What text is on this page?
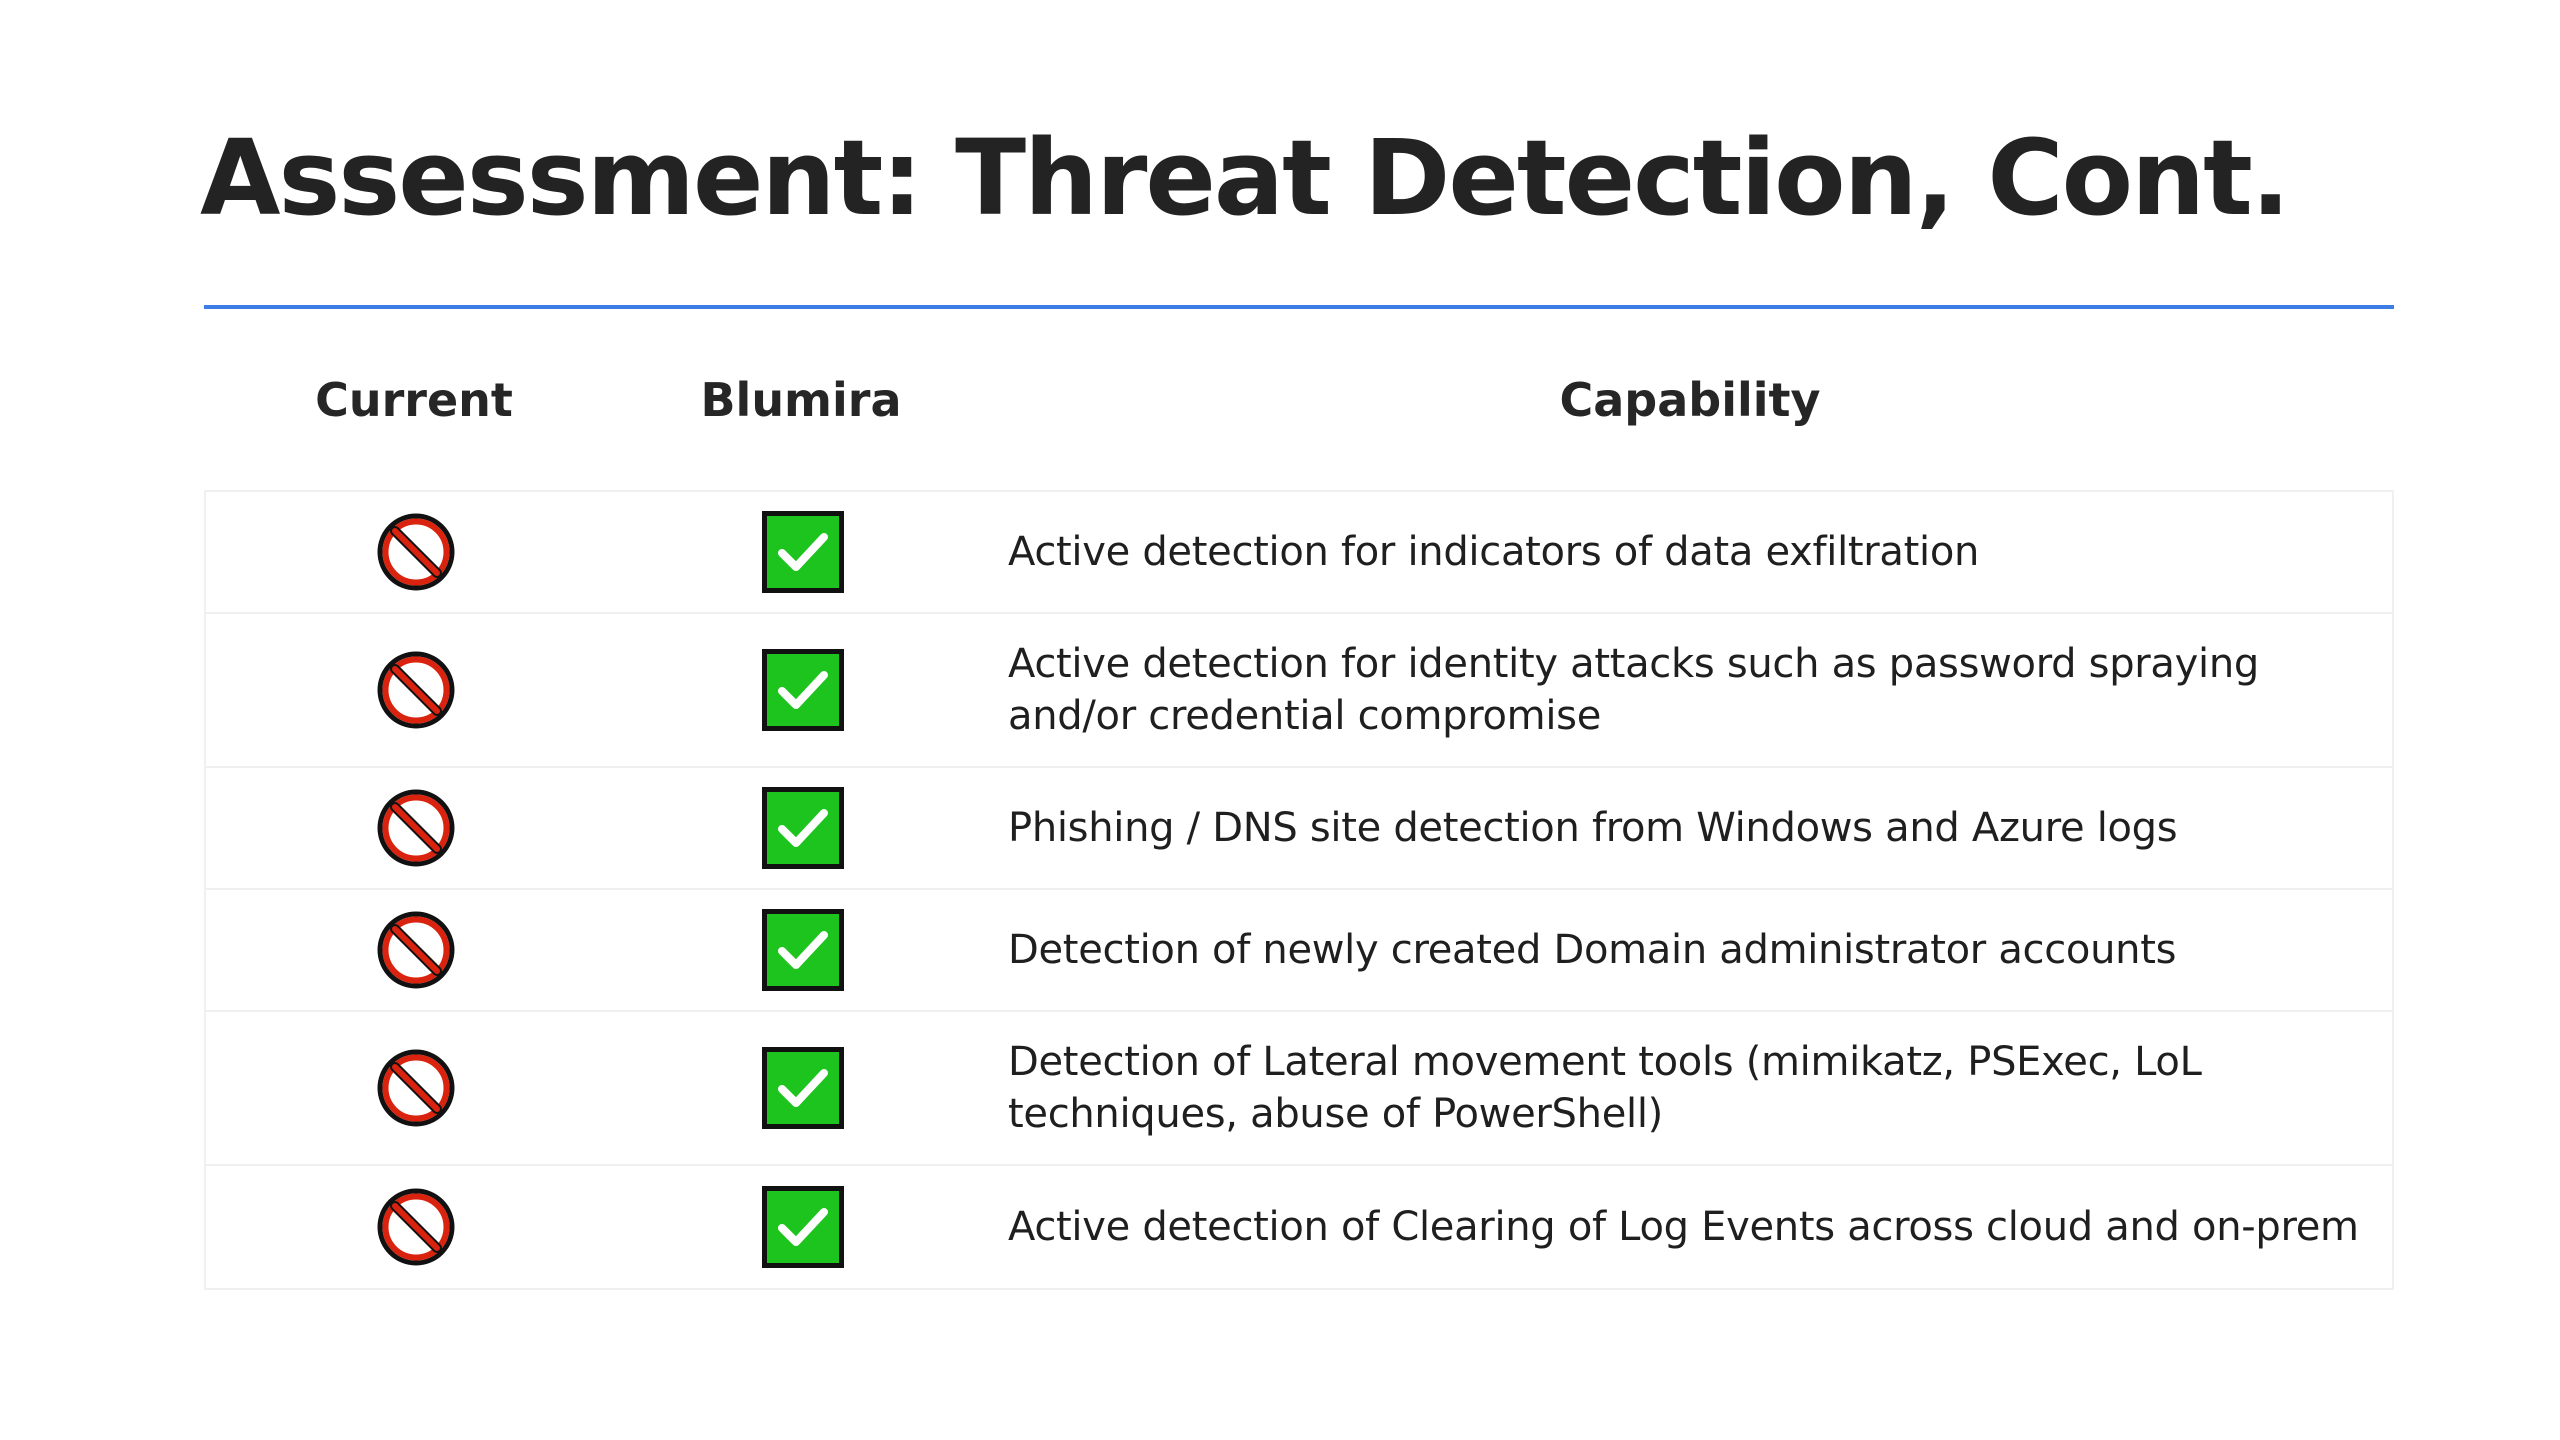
Assessment: Threat Detection, Cont.
Current	Blumira	Capability
Active detection for indicators of data exfiltration
Active detection for identity attacks such as password spraying
and/or credential compromise
Phishing / DNS site detection from Windows and Azure logs
Detection of newly created Domain administrator accounts
Detection of Lateral movement tools (mimikatz, PSExec, LoL
techniques, abuse of PowerShell)
Active detection of Clearing of Log Events across cloud and on-prem
